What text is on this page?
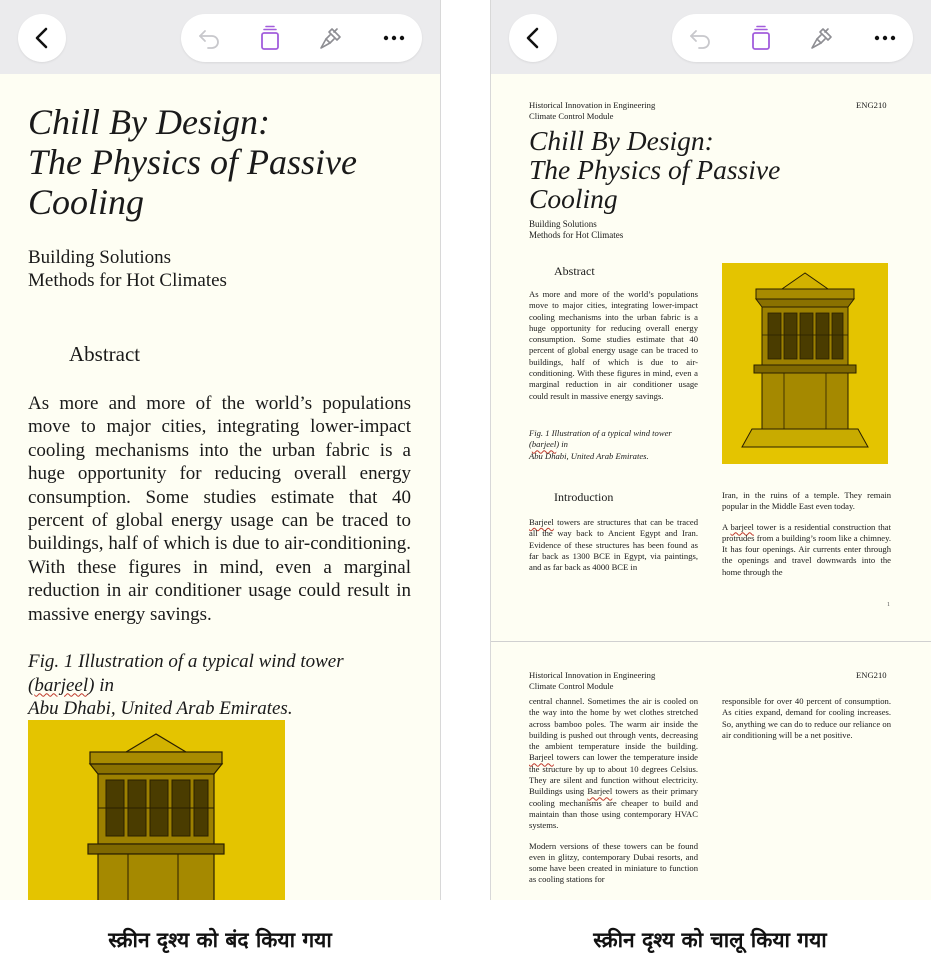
Chill By Design:
The Physics of Passive
Cooling
Building Solutions
Methods for Hot Climates
Abstract

As more and more of the world’s populations move to major cities, integrating lower-impact cooling mechanisms into the urban fabric is a huge opportunity for reducing overall energy consumption. Some studies estimate that 40 percent of global energy usage can be traced to buildings, half of which is due to air-conditioning. With these figures in mind, even a marginal reduction in air conditioner usage could result in massive energy savings.

Fig. 1 Illustration of a typical wind tower
(barjeel) in
Abu Dhabi, United Arab Emirates.
Historical Innovation in Engineering
Climate Control Module
ENG210
Chill By Design:
The Physics of Passive
Cooling
Building Solutions
Methods for Hot Climates
Abstract

As more and more of the world’s populations move to major cities, integrating lower-impact cooling mechanisms into the urban fabric is a huge opportunity for reducing overall energy consumption. Some studies estimate that 40 percent of global energy usage can be traced to buildings, half of which is due to air-conditioning. With these figures in mind, even a marginal reduction in air conditioner usage could result in massive energy savings.

Fig. 1 Illustration of a typical wind tower
(barjeel) in
Abu Dhabi, United Arab Emirates.
Introduction

Barjeel towers are structures that can be traced all the way back to Ancient Egypt and Iran. Evidence of these structures has been found as far back as 1300 BCE in Egypt, via paintings, and as far back as 4000 BCE in

Iran, in the ruins of a temple. They remain popular in the Middle East even today.

A barjeel tower is a residential construction that protrudes from a building’s room like a chimney. It has four openings. Air currents enter through the openings and travel downwards into the home through the

1
Historical Innovation in Engineering
Climate Control Module
ENG210

central channel. Sometimes the air is cooled on the way into the home by wet clothes stretched across bamboo poles. The warm air inside the building is pushed out through vents, decreasing the ambient temperature inside the building. Barjeel towers can lower the temperature inside the structure by up to about 10 degrees Celsius. They are silent and function without electricity. Buildings using Barjeel towers as their primary cooling mechanisms are cheaper to build and maintain than those using contemporary HVAC systems.

Modern versions of these towers can be found even in glitzy, contemporary Dubai resorts, and some have been created in miniature to function as cooling stations for

responsible for over 40 percent of consumption. As cities expand, demand for cooling increases. So, anything we can do to reduce our reliance on air conditioning will be a net positive.

स्क्रीन दृश्य को बंद किया गया	स्क्रीन दृश्य को चालू किया गया
